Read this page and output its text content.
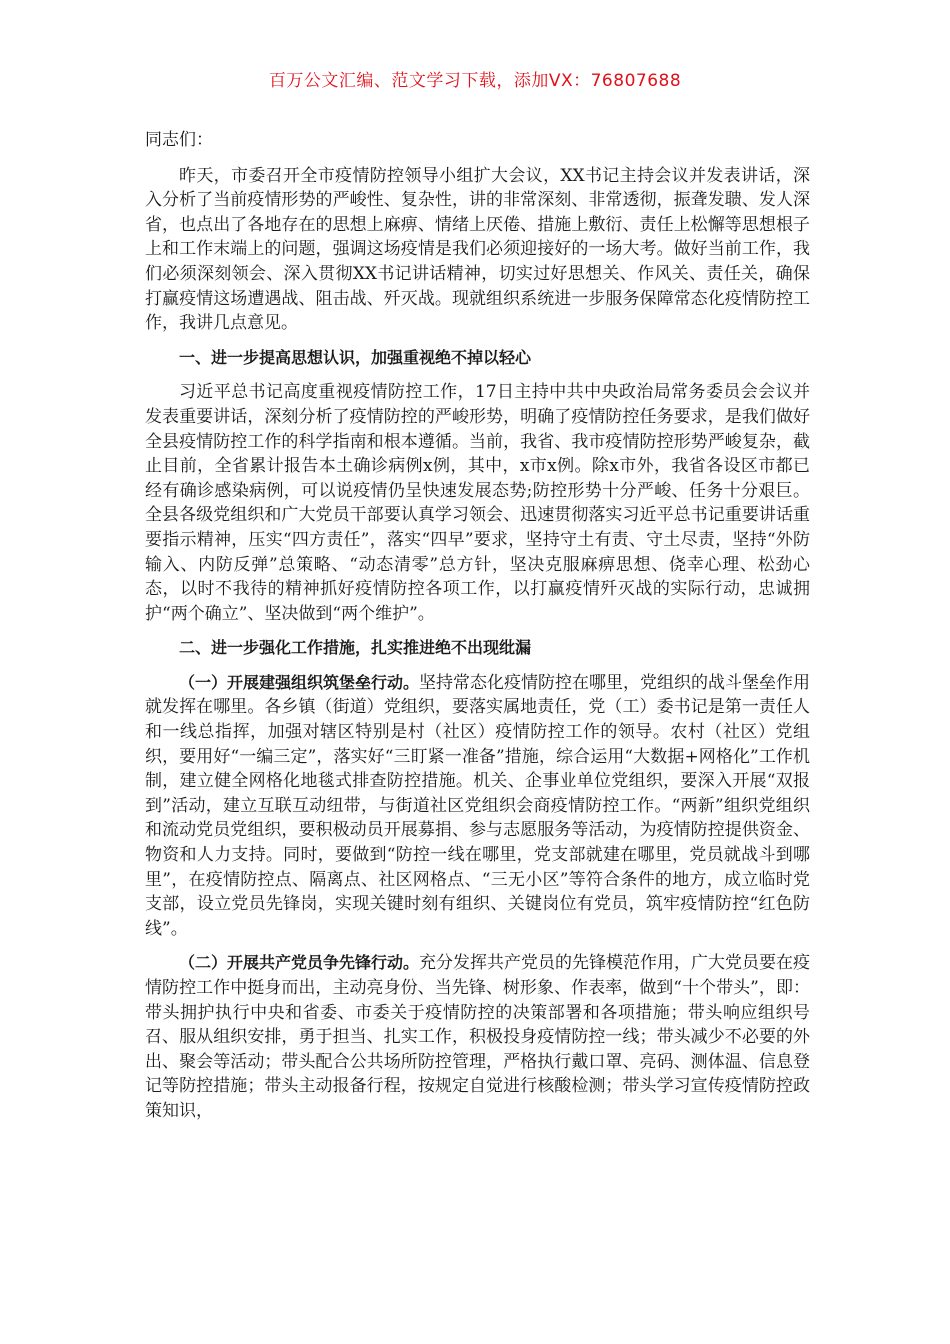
百万公文汇编、范文学习下载，添加VX：76807688

同志们：

昨天，市委召开全市疫情防控领导小组扩大会议，XX书记主持会议并发表讲话，深入分析了当前疫情形势的严峻性、复杂性，讲的非常深刻、非常透彻，振聋发聩、发人深省，也点出了各地存在的思想上麻痹、情绪上厌倦、措施上敷衍、责任上松懈等思想根子上和工作末端上的问题，强调这场疫情是我们必须迎接好的一场大考。做好当前工作，我们必须深刻领会、深入贯彻XX书记讲话精神，切实过好思想关、作风关、责任关，确保打赢疫情这场遭遇战、阻击战、歼灭战。现就组织系统进一步服务保障常态化疫情防控工作，我讲几点意见。

一、进一步提高思想认识，加强重视绝不掉以轻心

习近平总书记高度重视疫情防控工作，17日主持中共中央政治局常务委员会会议并发表重要讲话，深刻分析了疫情防控的严峻形势，明确了疫情防控任务要求，是我们做好全县疫情防控工作的科学指南和根本遵循。当前，我省、我市疫情防控形势严峻复杂，截止目前，全省累计报告本土确诊病例x例，其中，x市x例。除x市外，我省各设区市都已经有确诊感染病例，可以说疫情仍呈快速发展态势;防控形势十分严峻、任务十分艰巨。全县各级党组织和广大党员干部要认真学习领会、迅速贯彻落实习近平总书记重要讲话重要指示精神，压实“四方责任”，落实“四早”要求，坚持守土有责、守土尽责，坚持“外防输入、内防反弹”总策略、“动态清零”总方针，坚决克服麻痹思想、侥幸心理、松劲心态，以时不我待的精神抓好疫情防控各项工作，以打赢疫情歼灭战的实际行动，忠诚拥护“两个确立”、坚决做到“两个维护”。

二、进一步强化工作措施，扎实推进绝不出现纰漏

（一）开展建强组织筑堡垒行动。坚持常态化疫情防控在哪里，党组织的战斗堡垒作用就发挥在哪里。各乡镇（街道）党组织，要落实属地责任，党（工）委书记是第一责任人和一线总指挥，加强对辖区特别是村（社区）疫情防控工作的领导。农村（社区）党组织，要用好“一编三定”，落实好“三盯紧一准备”措施，综合运用“大数据+网格化”工作机制，建立健全网格化地毯式排查防控措施。机关、企事业单位党组织，要深入开展“双报到”活动，建立互联互动纽带，与街道社区党组织会商疫情防控工作。“两新”组织党组织和流动党员党组织，要积极动员开展募捐、参与志愿服务等活动，为疫情防控提供资金、物资和人力支持。同时，要做到“防控一线在哪里，党支部就建在哪里，党员就战斗到哪里”，在疫情防控点、隔离点、社区网格点、“三无小区”等符合条件的地方，成立临时党支部，设立党员先锋岗，实现关键时刻有组织、关键岗位有党员，筑牢疫情防控“红色防线”。

（二）开展共产党员争先锋行动。充分发挥共产党员的先锋模范作用，广大党员要在疫情防控工作中挺身而出，主动亮身份、当先锋、树形象、作表率，做到“十个带头”，即：带头拥护执行中央和省委、市委关于疫情防控的决策部署和各项措施；带头响应组织号召、服从组织安排，勇于担当、扎实工作，积极投身疫情防控一线；带头减少不必要的外出、聚会等活动；带头配合公共场所防控管理，严格执行戴口罩、亮码、测体温、信息登记等防控措施；带头主动报备行程，按规定自觉进行核酸检测；带头学习宣传疫情防控政策知识，
